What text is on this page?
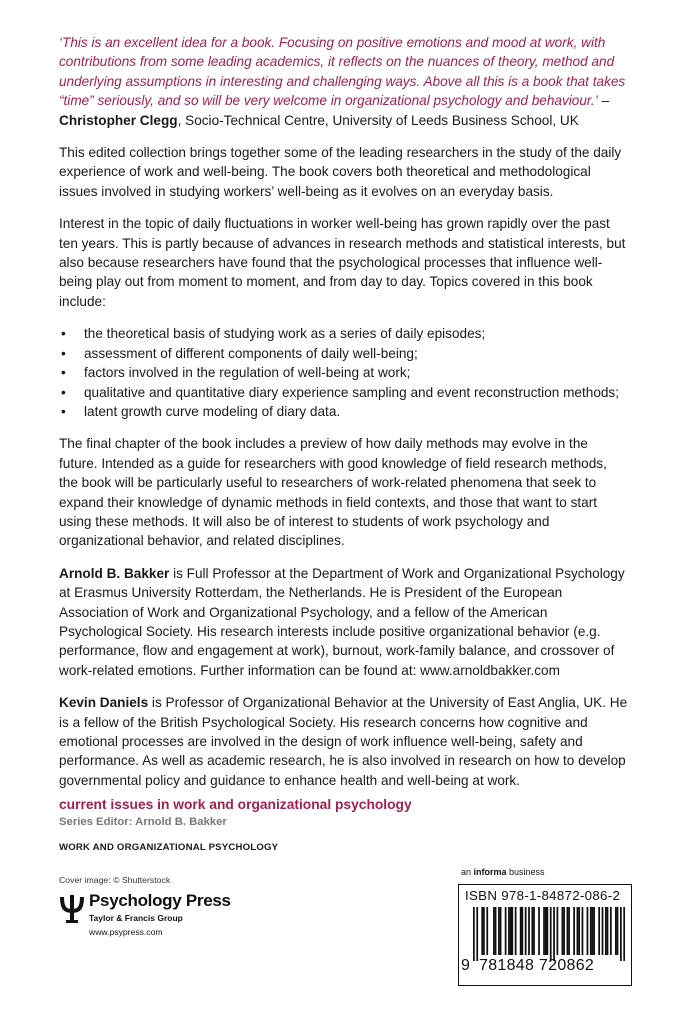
‘This is an excellent idea for a book. Focusing on positive emotions and mood at work, with contributions from some leading academics, it reflects on the nuances of theory, method and underlying assumptions in interesting and challenging ways. Above all this is a book that takes “time” seriously, and so will be very welcome in organizational psychology and behaviour.’ – Christopher Clegg, Socio-Technical Centre, University of Leeds Business School, UK

This edited collection brings together some of the leading researchers in the study of the daily experience of work and well-being. The book covers both theoretical and methodological issues involved in studying workers’ well-being as it evolves on an everyday basis.

Interest in the topic of daily fluctuations in worker well-being has grown rapidly over the past ten years. This is partly because of advances in research methods and statistical interests, but also because researchers have found that the psychological processes that influence well-being play out from moment to moment, and from day to day. Topics covered in this book include:

• the theoretical basis of studying work as a series of daily episodes;
• assessment of different components of daily well-being;
• factors involved in the regulation of well-being at work;
• qualitative and quantitative diary experience sampling and event reconstruction methods;
• latent growth curve modeling of diary data.

The final chapter of the book includes a preview of how daily methods may evolve in the future. Intended as a guide for researchers with good knowledge of field research methods, the book will be particularly useful to researchers of work-related phenomena that seek to expand their knowledge of dynamic methods in field contexts, and those that want to start using these methods. It will also be of interest to students of work psychology and organizational behavior, and related disciplines.

Arnold B. Bakker is Full Professor at the Department of Work and Organizational Psychology at Erasmus University Rotterdam, the Netherlands. He is President of the European Association of Work and Organizational Psychology, and a fellow of the American Psychological Society. His research interests include positive organizational behavior (e.g. performance, flow and engagement at work), burnout, work-family balance, and crossover of work-related emotions. Further information can be found at: www.arnoldbakker.com

Kevin Daniels is Professor of Organizational Behavior at the University of East Anglia, UK. He is a fellow of the British Psychological Society. His research concerns how cognitive and emotional processes are involved in the design of work influence well-being, safety and performance. As well as academic research, he is also involved in research on how to develop governmental policy and guidance to enhance health and well-being at work.

current issues in work and organizational psychology
Series Editor: Arnold B. Bakker
WORK AND ORGANIZATIONAL PSYCHOLOGY
Cover image: © Shutterstock
Psychology Press
Taylor & Francis Group
www.psypress.com
an informa business
ISBN 978-1-84872-086-2
9 781848 720862
